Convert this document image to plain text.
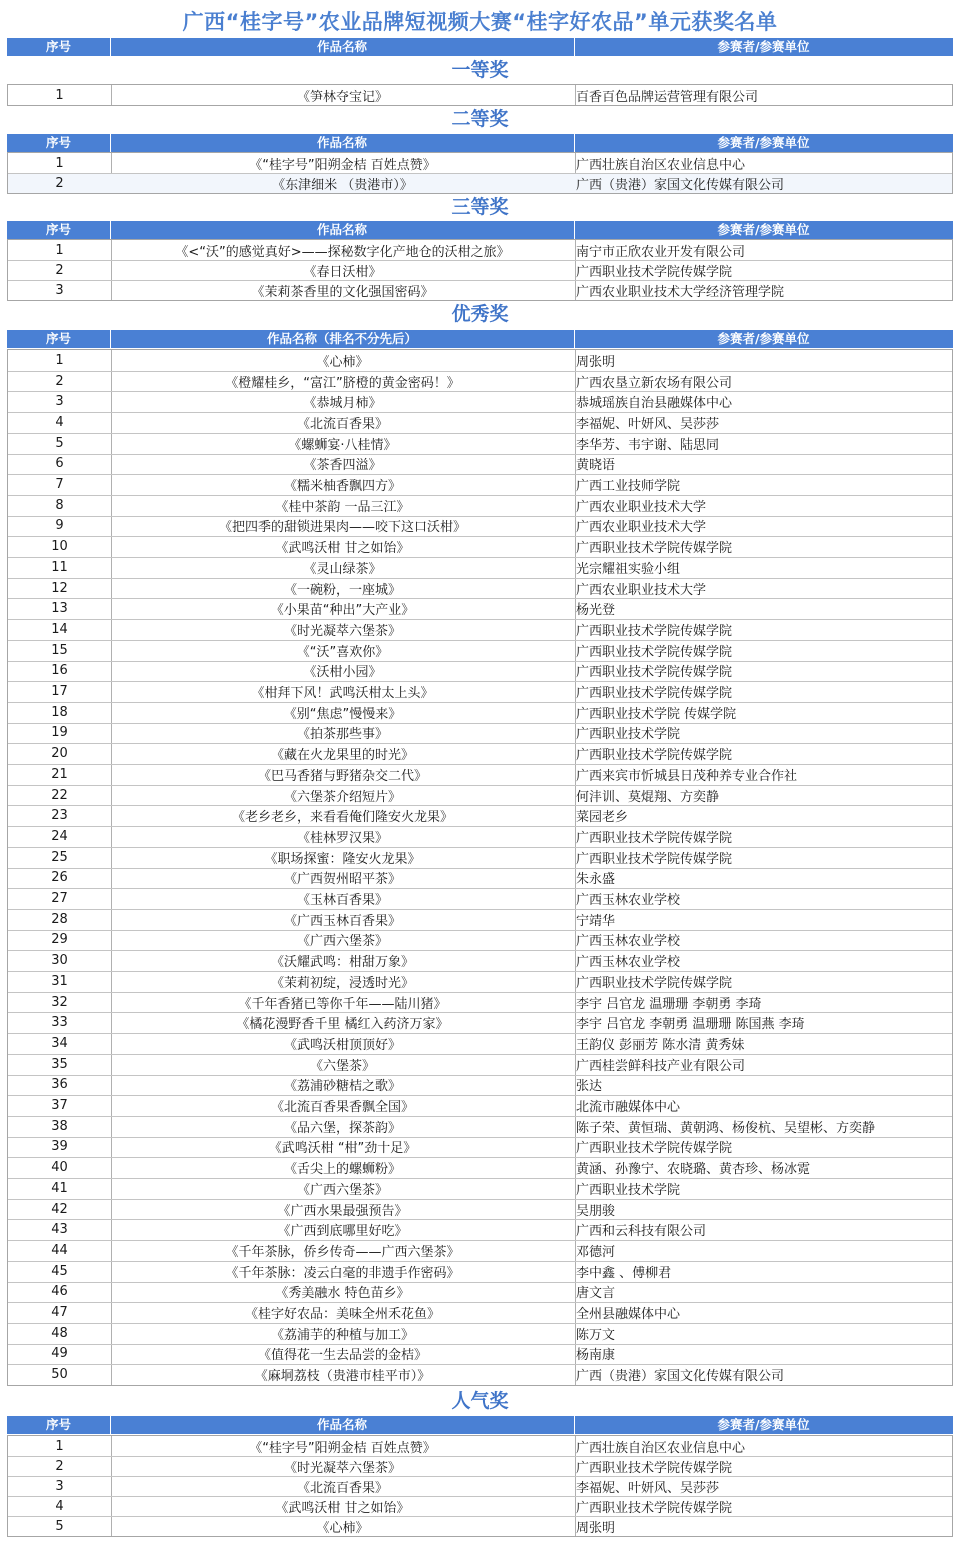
广西“桂字号”农业品牌短视频大赛“桂字好农品”单元获奖名单
一等奖
序号	作品名称	参赛者/参赛单位
1	《笋林夺宝记》	百香百色品牌运营管理有限公司
二等奖
序号	作品名称	参赛者/参赛单位
1	《“桂字号”阳朔金桔 百姓点赞》	广西壮族自治区农业信息中心
2	《东津细米 （贵港市）》	广西（贵港）家国文化传媒有限公司
三等奖
序号	作品名称	参赛者/参赛单位
1	《<“沃”的感觉真好>——探秘数字化产地仓的沃柑之旅》	南宁市正欣农业开发有限公司
2	《春日沃柑》	广西职业技术学院传媒学院
3	《茉莉茶香里的文化强国密码》	广西农业职业技术大学经济管理学院
优秀奖
序号	作品名称（排名不分先后）	参赛者/参赛单位
1	《心柿》	周张明
2	《橙耀桂乡，“富江”脐橙的黄金密码！》	广西农垦立新农场有限公司
3	《恭城月柿》	恭城瑶族自治县融媒体中心
4	《北流百香果》	李福妮、叶妍风、吴莎莎
5	《螺蛳宴·八桂情》	李华芳、韦宇谢、陆思同
6	《茶香四溢》	黄晓语
7	《糯米柚香飘四方》	广西工业技师学院
8	《桂中茶韵 一品三江》	广西农业职业技术大学
9	《把四季的甜锁进果肉——咬下这口沃柑》	广西农业职业技术大学
10	《武鸣沃柑 甘之如饴》	广西职业技术学院传媒学院
11	《灵山绿茶》	光宗耀祖实验小组
12	《一碗粉，一座城》	广西农业职业技术大学
13	《小果苗“种出”大产业》	杨光登
14	《时光凝萃六堡茶》	广西职业技术学院传媒学院
15	《“沃”喜欢你》	广西职业技术学院传媒学院
16	《沃柑小园》	广西职业技术学院传媒学院
17	《柑拜下风！武鸣沃柑太上头》	广西职业技术学院传媒学院
18	《别“焦虑”慢慢来》	广西职业技术学院 传媒学院
19	《拍茶那些事》	广西职业技术学院
20	《藏在火龙果里的时光》	广西职业技术学院传媒学院
21	《巴马香猪与野猪杂交二代》	广西来宾市忻城县日茂种养专业合作社
22	《六堡茶介绍短片》	何沣训、莫焜翔、方奕静
23	《老乡老乡，来看看俺们隆安火龙果》	菜园老乡
24	《桂林罗汉果》	广西职业技术学院传媒学院
25	《职场探蜜：隆安火龙果》	广西职业技术学院传媒学院
26	《广西贺州昭平茶》	朱永盛
27	《玉林百香果》	广西玉林农业学校
28	《广西玉林百香果》	宁靖华
29	《广西六堡茶》	广西玉林农业学校
30	《沃耀武鸣：柑甜万象》	广西玉林农业学校
31	《茉莉初绽，浸透时光》	广西职业技术学院传媒学院
32	《千年香猪已等你千年——陆川猪》	李宇 吕官龙 温珊珊 李朝勇 李琦
33	《橘花漫野香千里 橘红入药济万家》	李宇 吕官龙 李朝勇 温珊珊 陈国燕 李琦
34	《武鸣沃柑顶顶好》	王韵仪 彭丽芳 陈水清 黄秀妹
35	《六堡茶》	广西桂尝鲜科技产业有限公司
36	《荔浦砂糖桔之歌》	张达
37	《北流百香果香飘全国》	北流市融媒体中心
38	《品六堡，探茶韵》	陈子荣、黄恒瑞、黄朝鸿、杨俊杭、吴望彬、方奕静
39	《武鸣沃柑 “柑”劲十足》	广西职业技术学院传媒学院
40	《舌尖上的螺蛳粉》	黄涵、孙豫宁、农晓璐、黄杏珍、杨冰霓
41	《广西六堡茶》	广西职业技术学院
42	《广西水果最强预告》	吴朋骏
43	《广西到底哪里好吃》	广西和云科技有限公司
44	《千年茶脉，侨乡传奇——广西六堡茶》	邓德河
45	《千年茶脉：凌云白毫的非遗手作密码》	李中鑫 、傅柳君
46	《秀美融水 特色苗乡》	唐文言
47	《桂字好农品：美味全州禾花鱼》	全州县融媒体中心
48	《荔浦芋的种植与加工》	陈万文
49	《值得花一生去品尝的金桔》	杨南康
50	《麻垌荔枝（贵港市桂平市）》	广西（贵港）家国文化传媒有限公司
人气奖
序号	作品名称	参赛者/参赛单位
1	《“桂字号”阳朔金桔 百姓点赞》	广西壮族自治区农业信息中心
2	《时光凝萃六堡茶》	广西职业技术学院传媒学院
3	《北流百香果》	李福妮、叶妍风、吴莎莎
4	《武鸣沃柑 甘之如饴》	广西职业技术学院传媒学院
5	《心柿》	周张明
